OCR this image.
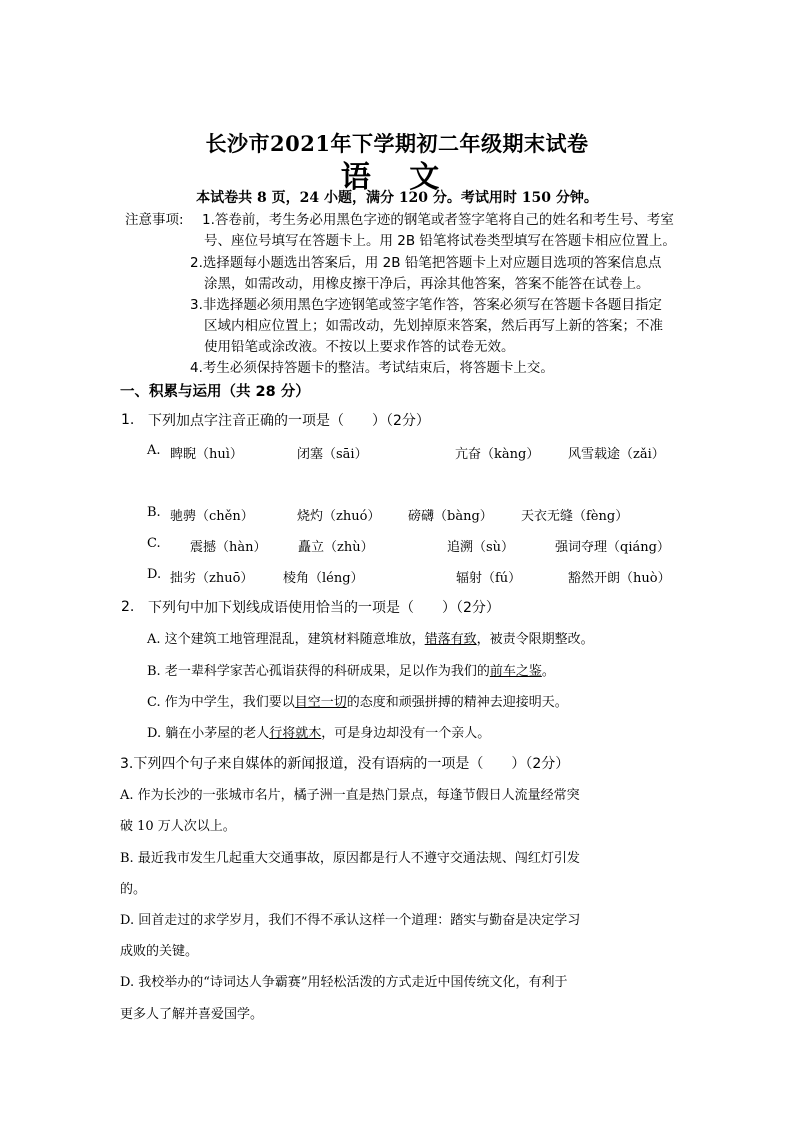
长沙市2021年下学期初二年级期末试卷
语 文
本试卷共 8 页，24 小题，满分 120 分。考试用时 150 分钟。
注意事项: 1.答卷前，考生务必用黑色字迹的钢笔或者签字笔将自己的姓名和考生号、考室
号、座位号填写在答题卡上。用 2B 铅笔将试卷类型填写在答题卡相应位置上。
2.选择题每小题选出答案后，用 2B 铅笔把答题卡上对应题目选项的答案信息点
涂黑，如需改动，用橡皮擦干净后，再涂其他答案，答案不能答在试卷上。
3.非选择题必须用黑色字迹钢笔或签字笔作答，答案必须写在答题卡各题目指定
区域内相应位置上；如需改动，先划掉原来答案，然后再写上新的答案；不准
使用铅笔或涂改液。不按以上要求作答的试卷无效。
4.考生必须保持答题卡的整洁。考试结束后，将答题卡上交。
一、积累与运用（共 28 分）
1. 下列加点字注音正确的一项是（　　）（2分）
A. 睥睨（huì）	闭塞（sāi）	亢奋（kàng） 风雪载途（zǎi）
B. 驰骋（chěn）	烧灼（zhuó） 磅礴（bàng） 天衣无缝（fèng）
C. 震撼（hàn） 矗立（zhù）	追溯（sù）	强词夺理（qiáng）
D. 拙劣（zhuō） 棱角（léng）	辐射（fú）	豁然开朗（huò）
2. 下列句中加下划线成语使用恰当的一项是（　　）（2分）
A. 这个建筑工地管理混乱，建筑材料随意堆放，错落有致，被责令限期整改。
B. 老一辈科学家苦心孤诣获得的科研成果，足以作为我们的前车之鉴。
C. 作为中学生，我们要以目空一切的态度和顽强拼搏的精神去迎接明天。
D. 躺在小茅屋的老人行将就木，可是身边却没有一个亲人。
3.下列四个句子来自媒体的新闻报道，没有语病的一项是（　　）（2分）
A. 作为长沙的一张城市名片，橘子洲一直是热门景点，每逢节假日人流量经常突
破 10 万人次以上。
B. 最近我市发生几起重大交通事故，原因都是行人不遵守交通法规、闯红灯引发
的。
D. 回首走过的求学岁月，我们不得不承认这样一个道理：踏实与勤奋是决定学习
成败的关键。
D. 我校举办的“诗词达人争霸赛”用轻松活泼的方式走近中国传统文化，有利于
更多人了解并喜爱国学。
